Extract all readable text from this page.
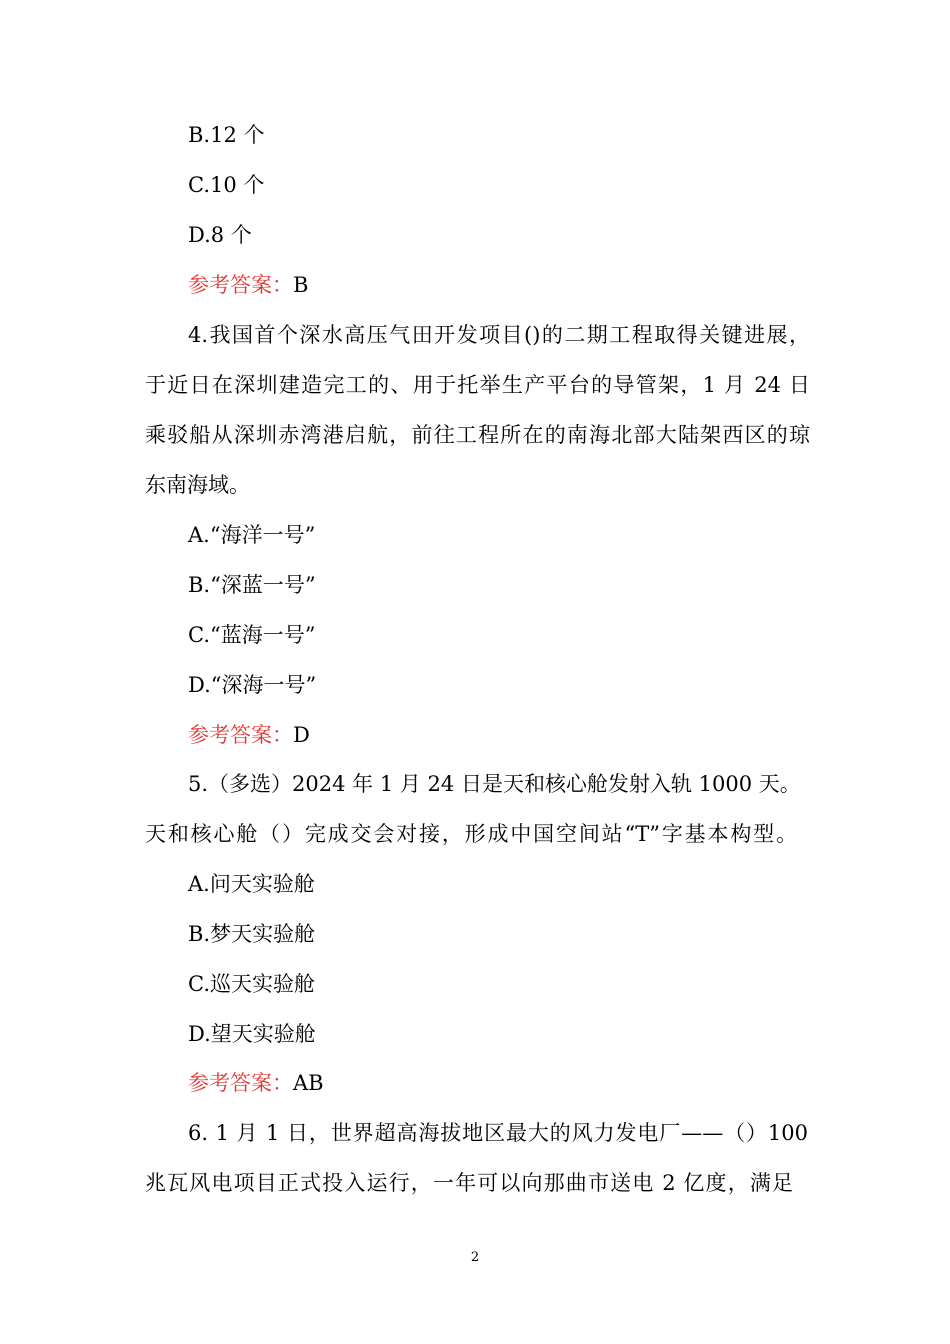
B.12 个
C.10 个
D.8 个
参考答案：B
4.我国首个深水高压气田开发项目()的二期工程取得关键进展，
于近日在深圳建造完工的、用于托举生产平台的导管架，1 月 24 日
乘驳船从深圳赤湾港启航，前往工程所在的南海北部大陆架西区的琼
东南海域。
A.“海洋一号”
B.“深蓝一号”
C.“蓝海一号”
D.“深海一号”
参考答案：D
5.（多选）2024 年 1 月 24 日是天和核心舱发射入轨 1000 天。
天和核心舱（）完成交会对接，形成中国空间站“T”字基本构型。
A.问天实验舱
B.梦天实验舱
C.巡天实验舱
D.望天实验舱
参考答案：AB
6. 1 月 1 日，世界超高海拔地区最大的风力发电厂——（）100
兆瓦风电项目正式投入运行，一年可以向那曲市送电 2 亿度，满足
2
